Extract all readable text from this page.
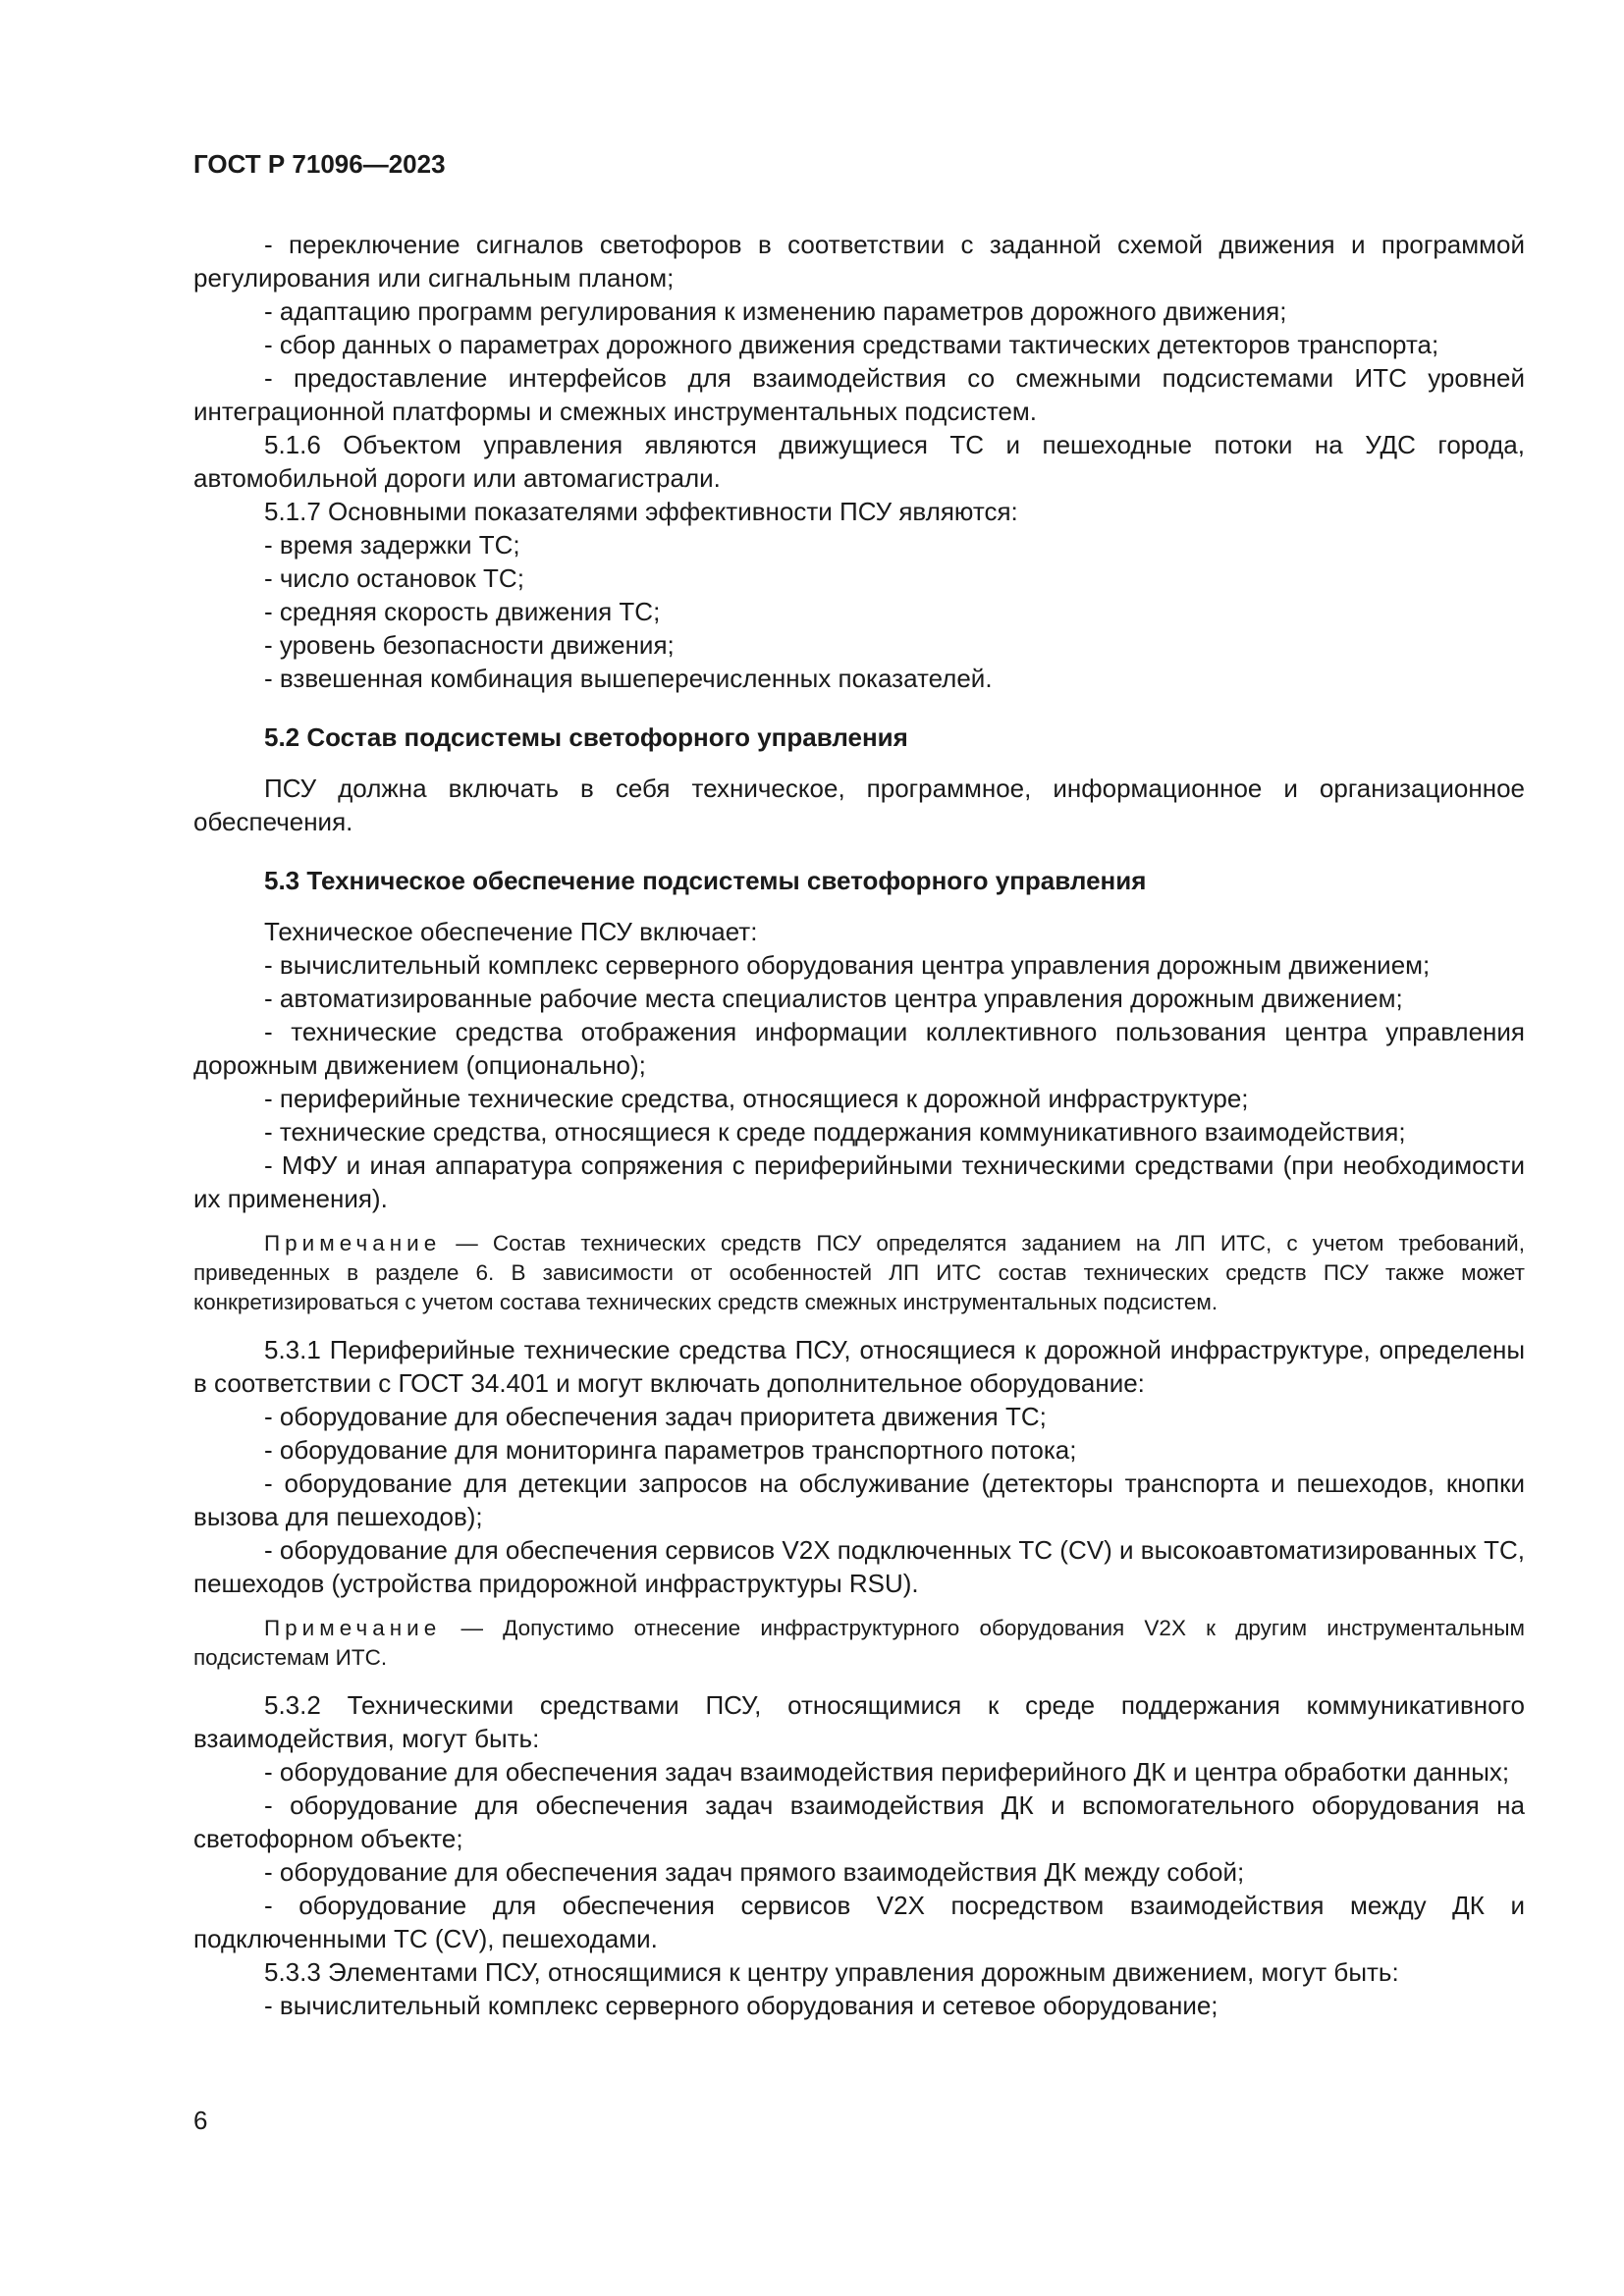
ГОСТ Р 71096—2023

- переключение сигналов светофоров в соответствии с заданной схемой движения и программой регулирования или сигнальным планом;

- адаптацию программ регулирования к изменению параметров дорожного движения;

- сбор данных о параметрах дорожного движения средствами тактических детекторов транспорта;

- предоставление интерфейсов для взаимодействия со смежными подсистемами ИТС уровней интеграционной платформы и смежных инструментальных подсистем.

5.1.6 Объектом управления являются движущиеся ТС и пешеходные потоки на УДС города, автомобильной дороги или автомагистрали.

5.1.7 Основными показателями эффективности ПСУ являются:

- время задержки ТС;

- число остановок ТС;

- средняя скорость движения ТС;

- уровень безопасности движения;

- взвешенная комбинация вышеперечисленных показателей.

5.2 Состав подсистемы светофорного управления

ПСУ должна включать в себя техническое, программное, информационное и организационное обеспечения.

5.3 Техническое обеспечение подсистемы светофорного управления

Техническое обеспечение ПСУ включает:

- вычислительный комплекс серверного оборудования центра управления дорожным движением;

- автоматизированные рабочие места специалистов центра управления дорожным движением;

- технические средства отображения информации коллективного пользования центра управления дорожным движением (опционально);

- периферийные технические средства, относящиеся к дорожной инфраструктуре;

- технические средства, относящиеся к среде поддержания коммуникативного взаимодействия;

- МФУ и иная аппаратура сопряжения с периферийными техническими средствами (при необходимости их применения).

Примечание — Состав технических средств ПСУ определятся заданием на ЛП ИТС, с учетом требований, приведенных в разделе 6. В зависимости от особенностей ЛП ИТС состав технических средств ПСУ также может конкретизироваться с учетом состава технических средств смежных инструментальных подсистем.

5.3.1 Периферийные технические средства ПСУ, относящиеся к дорожной инфраструктуре, определены в соответствии с ГОСТ 34.401 и могут включать дополнительное оборудование:

- оборудование для обеспечения задач приоритета движения ТС;

- оборудование для мониторинга параметров транспортного потока;

- оборудование для детекции запросов на обслуживание (детекторы транспорта и пешеходов, кнопки вызова для пешеходов);

- оборудование для обеспечения сервисов V2X подключенных ТС (CV) и высокоавтоматизированных ТС, пешеходов (устройства придорожной инфраструктуры RSU).

Примечание — Допустимо отнесение инфраструктурного оборудования V2X к другим инструментальным подсистемам ИТС.

5.3.2 Техническими средствами ПСУ, относящимися к среде поддержания коммуникативного взаимодействия, могут быть:

- оборудование для обеспечения задач взаимодействия периферийного ДК и центра обработки данных;

- оборудование для обеспечения задач взаимодействия ДК и вспомогательного оборудования на светофорном объекте;

- оборудование для обеспечения задач прямого взаимодействия ДК между собой;

- оборудование для обеспечения сервисов V2X посредством взаимодействия между ДК и подключенными ТС (CV), пешеходами.

5.3.3 Элементами ПСУ, относящимися к центру управления дорожным движением, могут быть:

- вычислительный комплекс серверного оборудования и сетевое оборудование;

6
